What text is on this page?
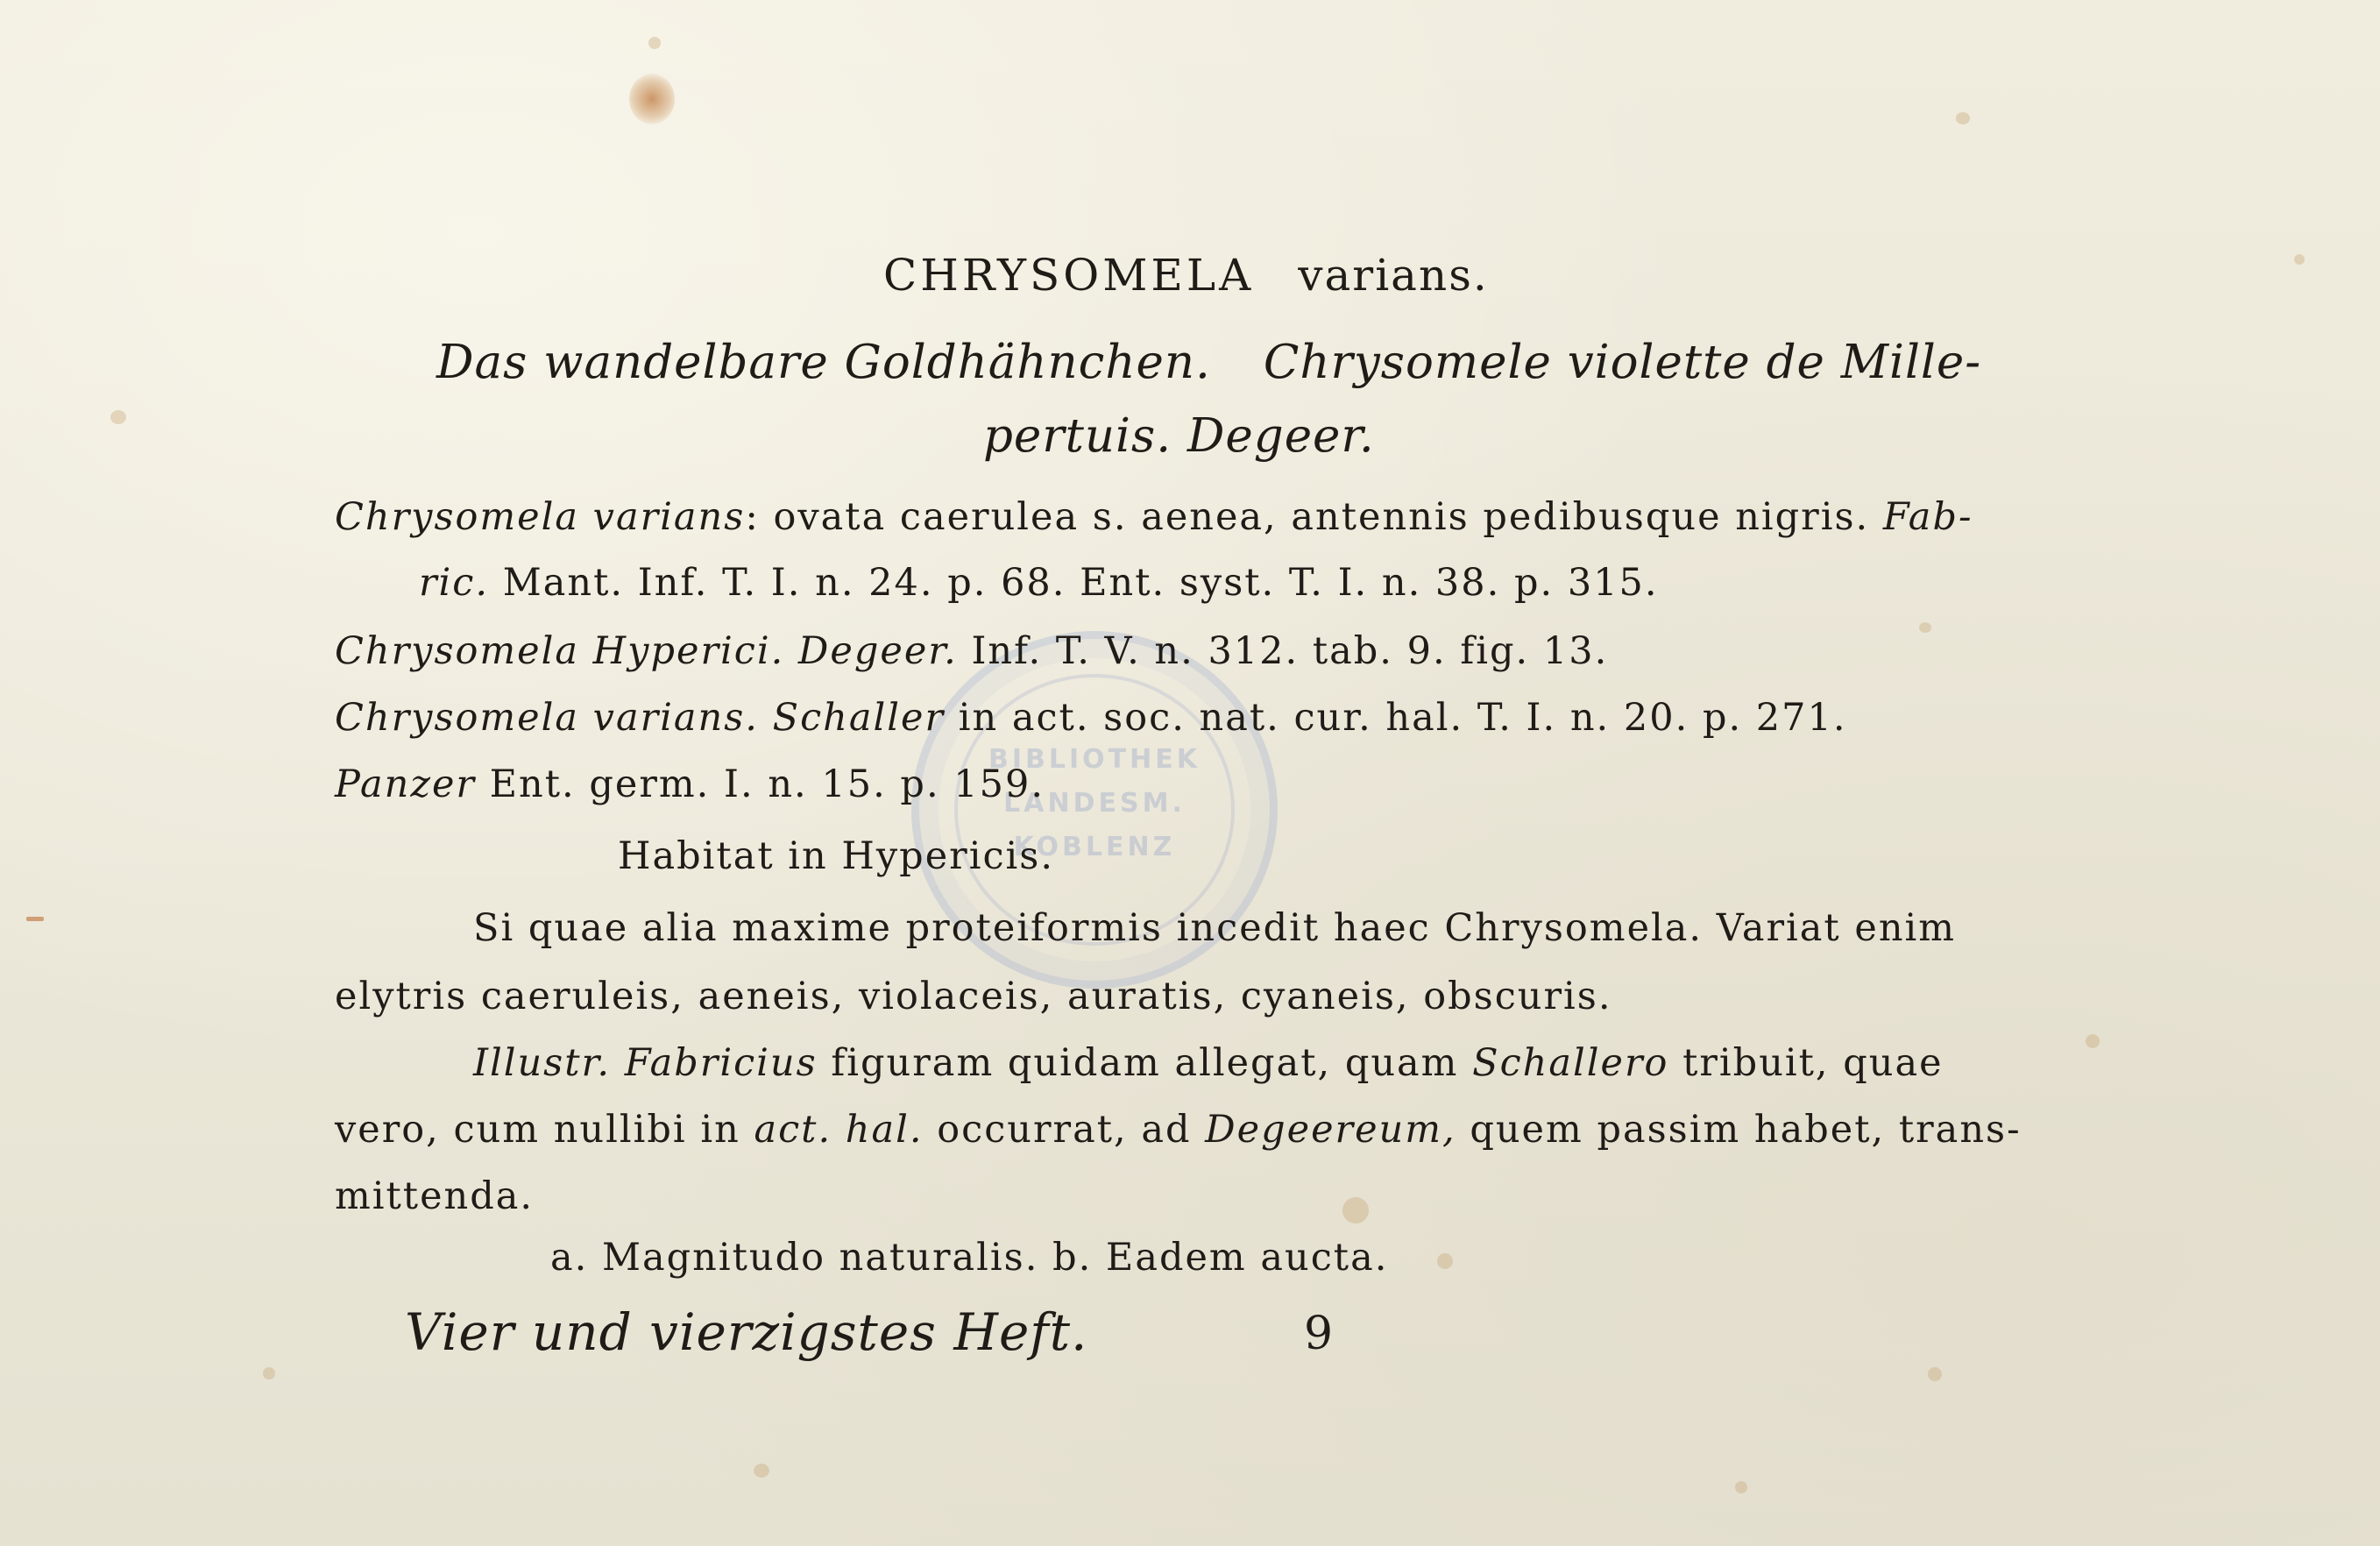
BIBLIOTHEK
LANDESM.
KOBLENZ
CHRYSOMELA varians.
Das wandelbare Goldhähnchen. Chrysomele violette de Mille-
pertuis. Degeer.
Chrysomela varians: ovata caerulea s. aenea, antennis pedibusque nigris. Fab-
ric. Mant. Inf. T. I. n. 24. p. 68. Ent. syst. T. I. n. 38. p. 315.
Chrysomela Hyperici. Degeer. Inf. T. V. n. 312. tab. 9. fig. 13.
Chrysomela varians. Schaller in act. soc. nat. cur. hal. T. I. n. 20. p. 271.
Panzer Ent. germ. I. n. 15. p. 159.
Habitat in Hypericis.
Si quae alia maxime proteiformis incedit haec Chrysomela. Variat enim
elytris caeruleis, aeneis, violaceis, auratis, cyaneis, obscuris.
Illustr. Fabricius figuram quidam allegat, quam Schallero tribuit, quae
vero, cum nullibi in act. hal. occurrat, ad Degeereum, quem passim habet, trans-
mittenda.
a. Magnitudo naturalis. b. Eadem aucta.
Vier und vierzigstes Heft.	9
